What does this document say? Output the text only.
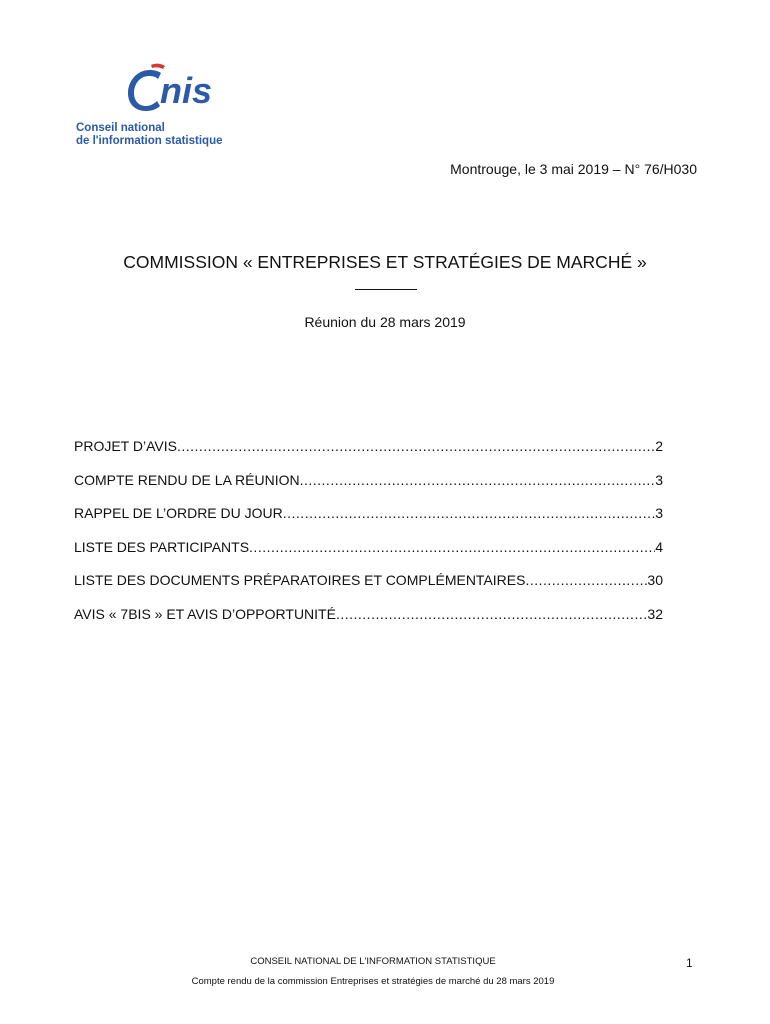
nis
Conseil national
de l'information statistique
Montrouge, le 3 mai 2019 – N° 76/H030
COMMISSION « ENTREPRISES ET STRATÉGIES DE MARCHÉ »
Réunion du 28 mars 2019
PROJET D’AVIS .....	2
COMPTE RENDU DE LA RÉUNION .....	3
RAPPEL DE L’ORDRE DU JOUR .....	3
LISTE DES PARTICIPANTS .....	4
LISTE DES DOCUMENTS PRÉPARATOIRES ET COMPLÉMENTAIRES .....	30
AVIS « 7BIS » ET AVIS D’OPPORTUNITÉ .....	32
CONSEIL NATIONAL DE L'INFORMATION STATISTIQUE	1
Compte rendu de la commission Entreprises et stratégies de marché du 28 mars 2019
